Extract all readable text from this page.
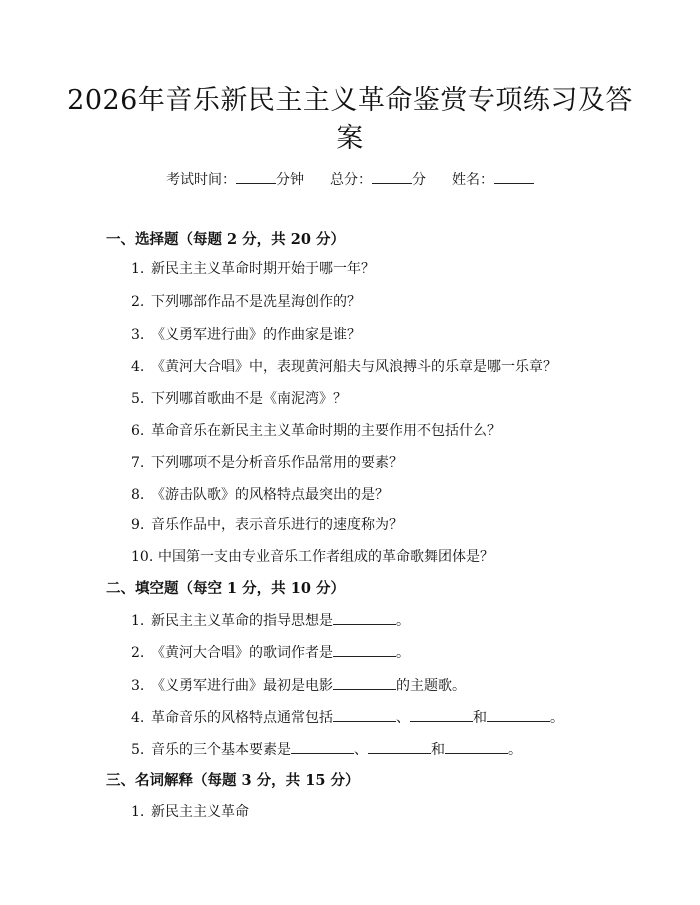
2026年音乐新民主主义革命鉴赏专项练习及答案
考试时间：	分钟 总分：	分 姓名：
一、选择题（每题 2 分，共 20 分）
1. 新民主主义革命时期开始于哪一年？
2. 下列哪部作品不是冼星海创作的？
3. 《义勇军进行曲》的作曲家是谁？
4. 《黄河大合唱》中，表现黄河船夫与风浪搏斗的乐章是哪一乐章？
5. 下列哪首歌曲不是《南泥湾》？
6. 革命音乐在新民主主义革命时期的主要作用不包括什么？
7. 下列哪项不是分析音乐作品常用的要素？
8. 《游击队歌》的风格特点最突出的是？
9. 音乐作品中，表示音乐进行的速度称为？
10. 中国第一支由专业音乐工作者组成的革命歌舞团体是？
二、填空题（每空 1 分，共 10 分）
1. 新民主主义革命的指导思想是	。
2. 《黄河大合唱》的歌词作者是	。
3. 《义勇军进行曲》最初是电影	的主题歌。
4. 革命音乐的风格特点通常包括	、	和	。
5. 音乐的三个基本要素是	、	和	。
三、名词解释（每题 3 分，共 15 分）
1. 新民主主义革命
